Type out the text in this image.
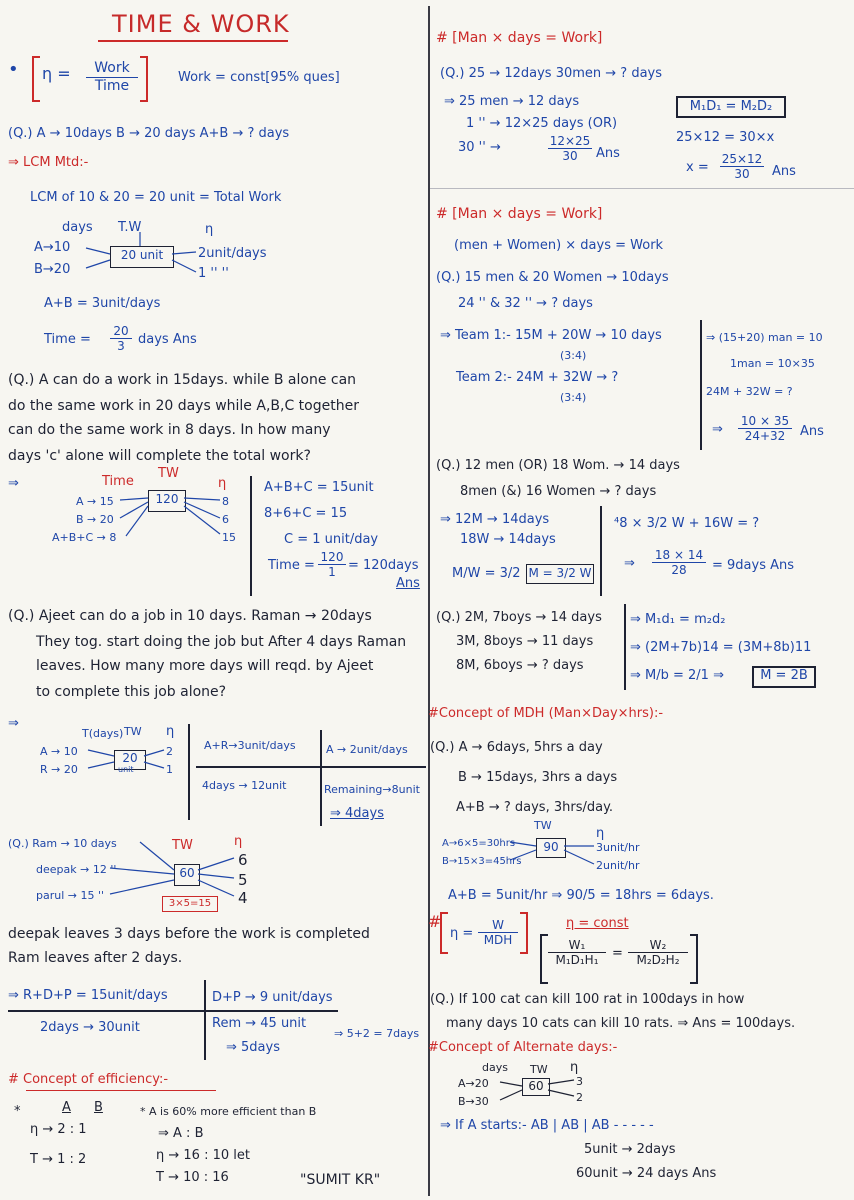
TIME & WORK
• η =	Work
Time
Work = const[95% ques]
(Q.) A → 10days B → 20 days A+B → ? days
⇒ LCM Mtd:-
LCM of 10 & 20 = 20 unit = Total Work
days T.W	η
A→10
B→20
20 unit	2unit/days
1 '' ''
A+B = 3unit/days
Time = $\frac{20}{3}$ days Ans
(Q.) A can do a work in 15days. while B alone can
do the same work in 20 days while A,B,C together
can do the same work in 8 days. In how many
days 'c' alone will complete the total work?
⇒	Time
TW
η
A → 15
B → 20
A+B+C → 8
120	8
6
15
A+B+C = 15unit
8+6+C = 15
C = 1 unit/day
Time = $\frac{120}{1}$ = 120days
Ans
(Q.) Ajeet can do a job in 10 days. Raman → 20days
They tog. start doing the job but After 4 days Raman
leaves. How many more days will reqd. by Ajeet
to complete this job alone?
⇒
T(days) TW η
A → 10
R → 20
20
unit
2
1
A+R→3unit/days	A → 2unit/days
4days → 12unit	Remaining→8unit
⇒ 4days
(Q.) Ram → 10 days
deepak → 12 ''
parul → 15 ''
TW	η
60
3×5=15
6
5
4
deepak leaves 3 days before the work is completed
Ram leaves after 2 days.
⇒ R+D+P = 15unit/days	D+P → 9 unit/days
2days → 30unit	Rem → 45 unit
⇒ 5days
⇒ 5+2 = 7days
# Concept of efficiency:-
*	A B
η → 2 : 1
T → 1 : 2
* A is 60% more efficient than B
⇒ A : B
η → 16 : 10 let
T → 10 : 16	"SUMIT KR"
# [Man × days = Work]
(Q.) 25 → 12days 30men → ? days
⇒ 25 men → 12 days
1 '' → 12×25 days (OR)
30 '' →	$\frac{12\times 25}{30}$ Ans
M₁D₁ = M₂D₂
25×12 = 30×x
$x = \frac{25\times 12}{30}$ Ans
# [Man × days = Work]
(men + Women) × days = Work
(Q.) 15 men & 20 Women → 10days
24 '' & 32 '' → ? days
⇒ Team 1:- 15M + 20W → 10 days
(3:4)
Team 2:- 24M + 32W → ?
(3:4)
⇒ (15+20) man = 10
1man = 10×35
24M + 32W = ?
⇒ $\frac{10 \times 35}{24+32}$ Ans
(Q.) 12 men (OR) 18 Wom. → 14 days
8men (&) 16 Women → ? days
⇒ 12M → 14days
18W → 14days
M/W = 3/2 M = 3/2 W
⁴8 × 3/2 W + 16W = ?
⇒ $\frac{18 \times 14}{28}$ = 9days Ans
(Q.) 2M, 7boys → 14 days
3M, 8boys → 11 days
8M, 6boys → ? days
⇒ M₁d₁ = m₂d₂
⇒ (2M+7b)14 = (3M+8b)11
⇒ M/b = 2/1 ⇒	M = 2B
#Concept of MDH (Man×Day×hrs):-
(Q.) A → 6days, 5hrs a day
B → 15days, 3hrs a days
A+B → ? days, 3hrs/day.
TW
η
A→6×5=30hrs
B→15×3=45hrs
90	3unit/hr
2unit/hr
A+B = 5unit/hr ⇒ 90/5 = 18hrs = 6days.
#
η =
W
MDH
η = const
$\frac{\text{W₁}}{\text{M₁D₁H₁}} = \frac{\text{W₂}}{\text{M₂D₂H₂}}$
(Q.) If 100 cat can kill 100 rat in 100days in how
many days 10 cats can kill 10 rats. ⇒ Ans = 100days.
#Concept of Alternate days:-
days TW η
A→20
B→30
60	3
2
⇒ If A starts:- AB | AB | AB - - - - -
5unit → 2days
60unit → 24 days Ans
